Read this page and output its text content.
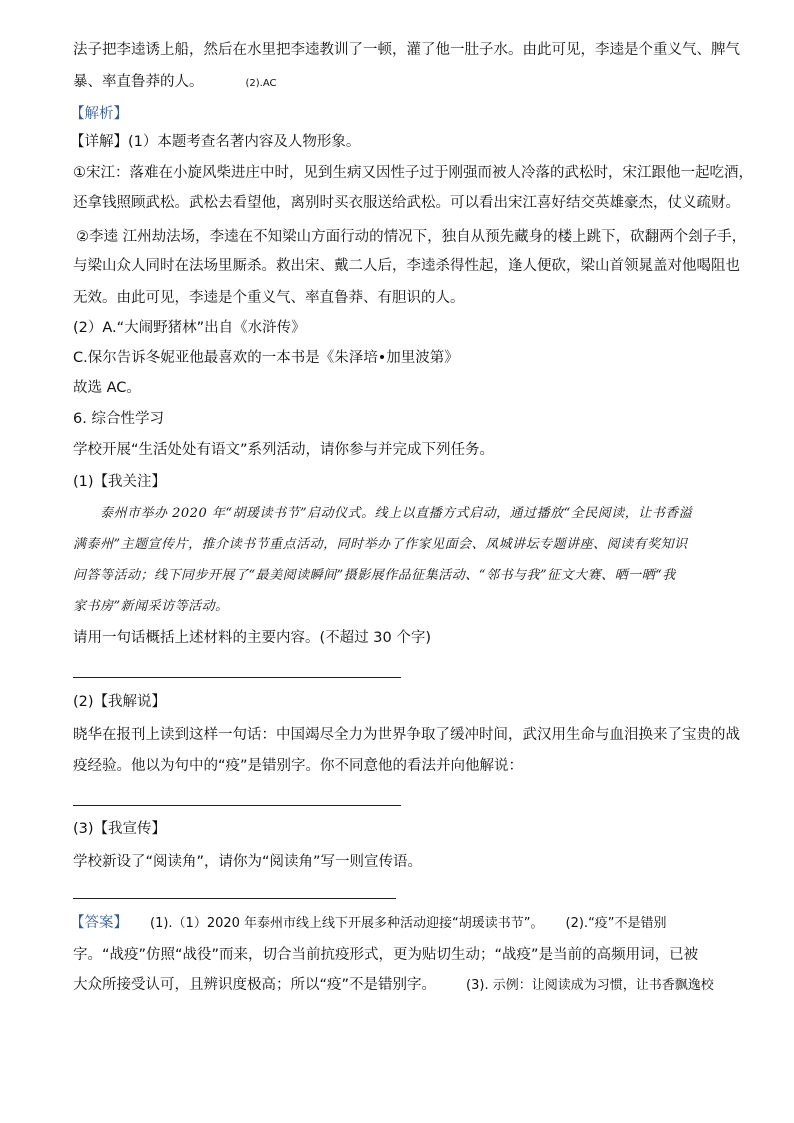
法子把李逵诱上船，然后在水里把李逵教训了一顿，灌了他一肚子水。由此可见，李逵是个重义气、脾气
暴、率直鲁莽的人。	(2).AC
【解析】
【详解】(1）本题考查名著内容及人物形象。
①宋江：落难在小旋风柴进庄中时，见到生病又因性子过于刚强而被人冷落的武松时，宋江跟他一起吃酒，
还拿钱照顾武松。武松去看望他，离别时买衣服送给武松。可以看出宋江喜好结交英雄豪杰，仗义疏财。
②李逵 江州劫法场，李逵在不知梁山方面行动的情况下，独自从预先藏身的楼上跳下，砍翻两个刽子手，
与梁山众人同时在法场里厮杀。救出宋、戴二人后，李逵杀得性起，逢人便砍，梁山首领晁盖对他喝阻也
无效。由此可见，李逵是个重义气、率直鲁莽、有胆识的人。
(2）A.“大闹野猪林”出自《水浒传》
C.保尔告诉冬妮亚他最喜欢的一本书是《朱泽培•加里波第》
故选 AC。
6. 综合性学习
学校开展“生活处处有语文”系列活动，请你参与并完成下列任务。
(1)【我关注】
泰州市举办 2020 年“胡瑗读书节”启动仪式。线上以直播方式启动，通过播放“全民阅读，让书香溢
满泰州”主题宣传片，推介读书节重点活动，同时举办了作家见面会、凤城讲坛专题讲座、阅读有奖知识
问答等活动；线下同步开展了“最美阅读瞬间”摄影展作品征集活动、“邻书与我”征文大赛、晒一晒“我
家书房”新闻采访等活动。
请用一句话概括上述材料的主要内容。(不超过 30 个字)
(2)【我解说】
晓华在报刊上读到这样一句话：中国竭尽全力为世界争取了缓冲时间，武汉用生命与血泪换来了宝贵的战
疫经验。他以为句中的“疫”是错别字。你不同意他的看法并向他解说：
(3)【我宣传】
学校新设了“阅读角”，请你为“阅读角”写一则宣传语。
【答案】 (1).（1）2020 年泰州市线上线下开展多种活动迎接“胡瑗读书节”。 (2).“疫”不是错别
字。“战疫”仿照“战役”而来，切合当前抗疫形式，更为贴切生动；“战疫”是当前的高频用词，已被
大众所接受认可，且辨识度极高；所以“疫”不是错别字。 (3). 示例：让阅读成为习惯，让书香飘逸校
